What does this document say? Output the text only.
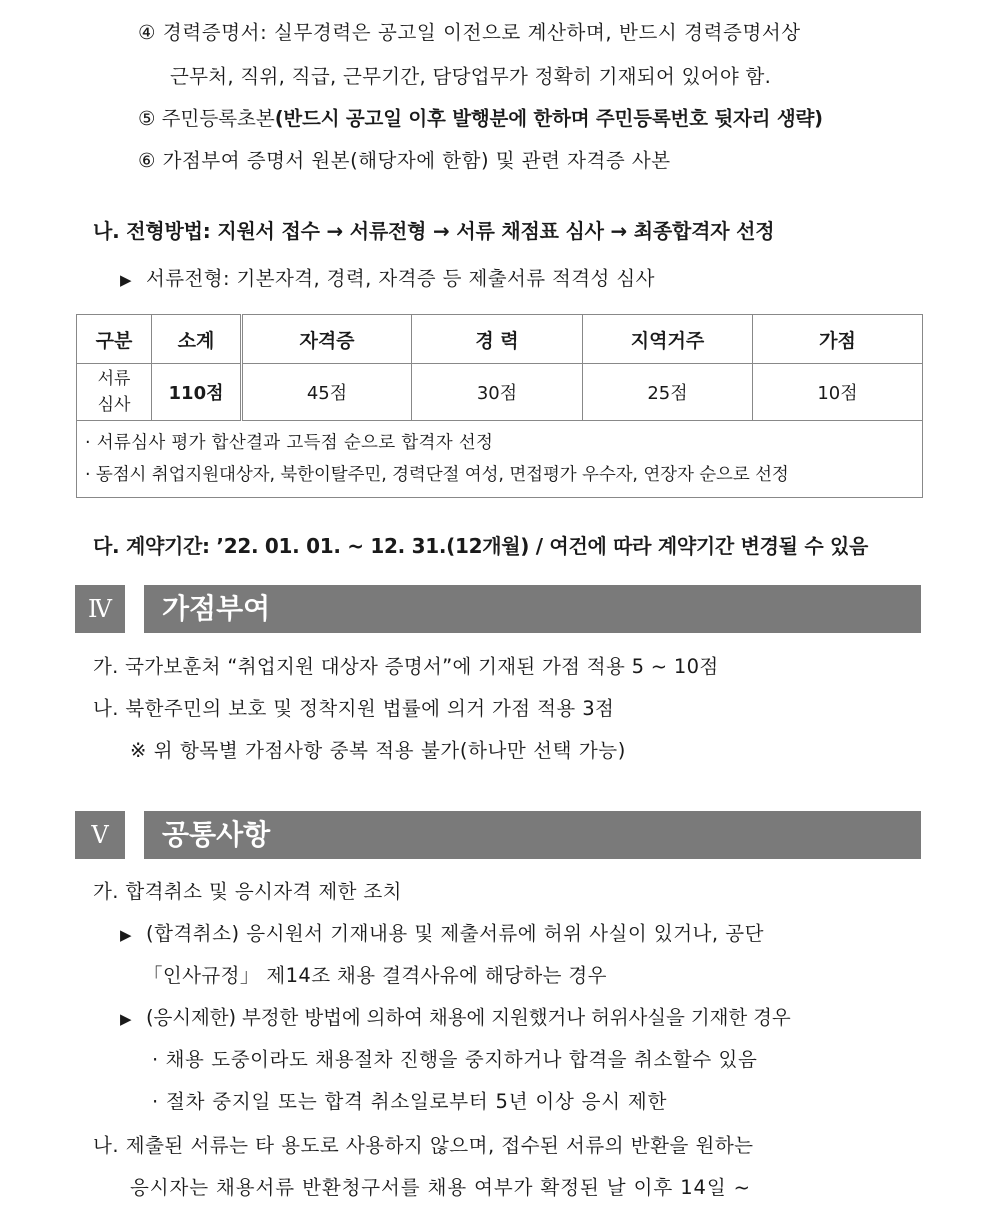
④ 경력증명서: 실무경력은 공고일 이전으로 계산하며, 반드시 경력증명서상
근무처, 직위, 직급, 근무기간, 담당업무가 정확히 기재되어 있어야 함.
⑤ 주민등록초본(반드시 공고일 이후 발행분에 한하며 주민등록번호 뒷자리 생략)
⑥ 가점부여 증명서 원본(해당자에 한함) 및 관련 자격증 사본
나. 전형방법: 지원서 접수 → 서류전형 → 서류 채점표 심사 → 최종합격자 선정
▶ 서류전형: 기본자격, 경력, 자격증 등 제출서류 적격성 심사
구분	소계	자격증	경 력	지역거주	가점
서류
심사	110점	45점	30점	25점	10점

· 서류심사 평가 합산결과 고득점 순으로 합격자 선정
· 동점시 취업지원대상자, 북한이탈주민, 경력단절 여성, 면접평가 우수자, 연장자 순으로 선정					
다. 계약기간: ’22. 01. 01. ~ 12. 31.(12개월) / 여건에 따라 계약기간 변경될 수 있음
Ⅳ	가점부여
가. 국가보훈처 “취업지원 대상자 증명서”에 기재된 가점 적용 5 ~ 10점
나. 북한주민의 보호 및 정착지원 법률에 의거 가점 적용 3점
※ 위 항목별 가점사항 중복 적용 불가(하나만 선택 가능)
Ⅴ	공통사항
가. 합격취소 및 응시자격 제한 조치
▶ (합격취소) 응시원서 기재내용 및 제출서류에 허위 사실이 있거나, 공단
「인사규정」 제14조 채용 결격사유에 해당하는 경우
▶ (응시제한) 부정한 방법에 의하여 채용에 지원했거나 허위사실을 기재한 경우
· 채용 도중이라도 채용절차 진행을 중지하거나 합격을 취소할수 있음
· 절차 중지일 또는 합격 취소일로부터 5년 이상 응시 제한
나. 제출된 서류는 타 용도로 사용하지 않으며, 접수된 서류의 반환을 원하는
응시자는 채용서류 반환청구서를 채용 여부가 확정된 날 이후 14일 ~
